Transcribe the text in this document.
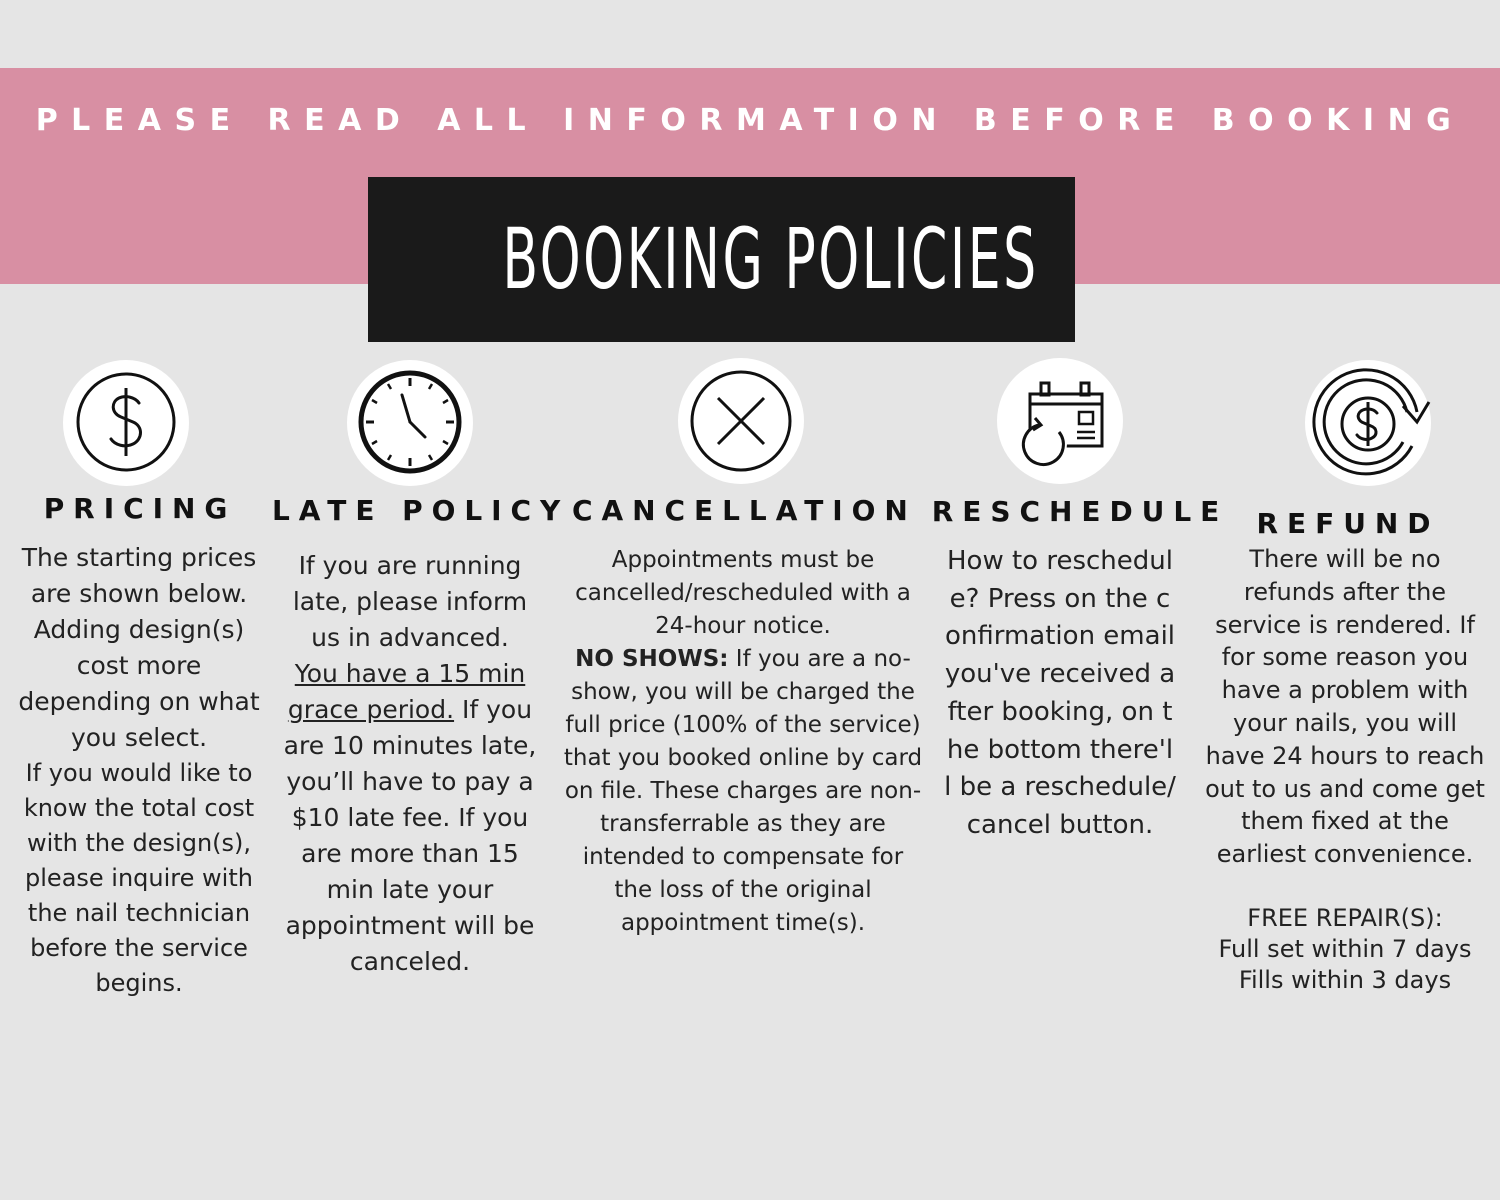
PLEASE READ ALL INFORMATION BEFORE BOOKING
BOOKING POLICIES
PRICING
The starting prices are shown below. Adding design(s) cost more depending on what you select.
If you would like to know the total cost with the design(s), please inquire with the nail technician before the service begins.
LATE POLICY
If you are running late, please inform us in advanced.
You have a 15 min grace period. If you are 10 minutes late, you’ll have to pay a $10 late fee. If you are more than 15 min late your appointment will be canceled.
CANCELLATION
Appointments must be cancelled/rescheduled with a 24-hour notice.
NO SHOWS: If you are a no-show, you will be charged the full price (100% of the service) that you booked online by card on file. These charges are non-transferrable as they are intended to compensate for the loss of the original appointment time(s).
RESCHEDULE
How to reschedule? Press on the confirmation email you've received after booking, on the bottom there'll be a reschedule/cancel button.
REFUND
There will be no refunds after the service is rendered. If for some reason you have a problem with your nails, you will have 24 hours to reach out to us and come get them fixed at the earliest convenience.
FREE REPAIR(S):
Full set within 7 days
Fills within 3 days
